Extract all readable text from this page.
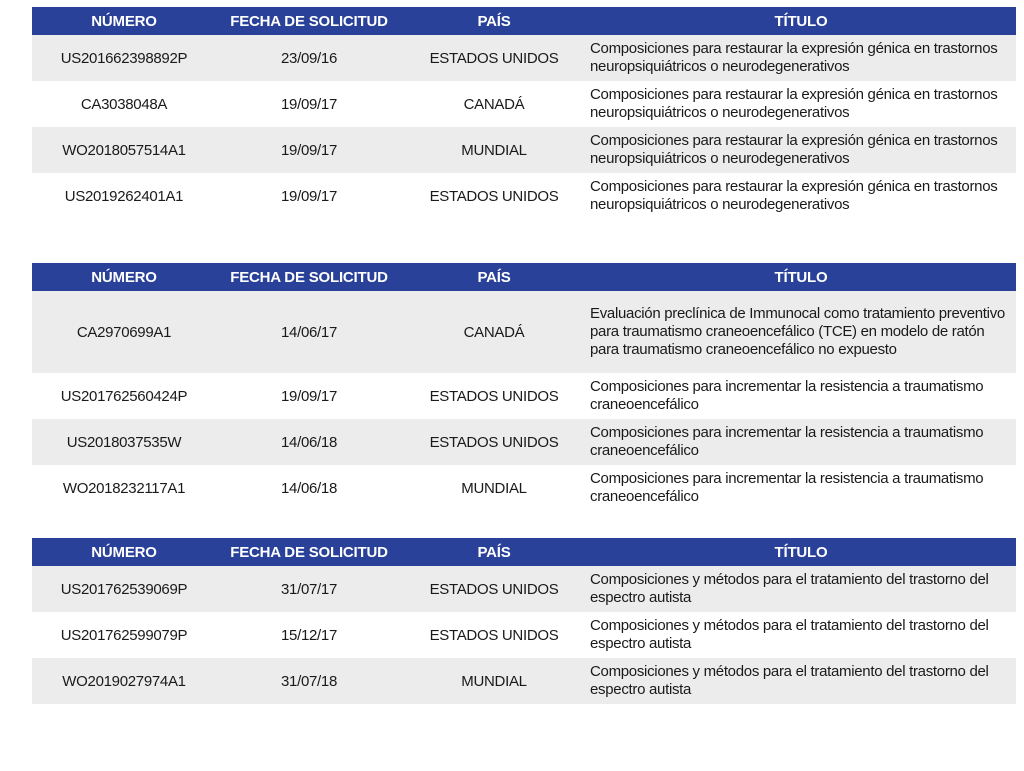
NÚMERO	FECHA DE SOLICITUD	PAÍS	TÍTULO
US201662398892P	23/09/16	ESTADOS UNIDOS	Composiciones para restaurar la expresión génica en trastornos neuropsiquiátricos o neurodegenerativos
CA3038048A	19/09/17	CANADÁ	Composiciones para restaurar la expresión génica en trastornos neuropsiquiátricos o neurodegenerativos
WO2018057514A1	19/09/17	MUNDIAL	Composiciones para restaurar la expresión génica en trastornos neuropsiquiátricos o neurodegenerativos
US2019262401A1	19/09/17	ESTADOS UNIDOS	Composiciones para restaurar la expresión génica en trastornos neuropsiquiátricos o neurodegenerativos
NÚMERO	FECHA DE SOLICITUD	PAÍS	TÍTULO
CA2970699A1	14/06/17	CANADÁ	Evaluación preclínica de Immunocal como tratamiento preventivo para traumatismo craneoencefálico (TCE) en modelo de ratón para traumatismo craneoencefálico no expuesto
US201762560424P	19/09/17	ESTADOS UNIDOS	Composiciones para incrementar la resistencia a traumatismo craneoencefálico
US2018037535W	14/06/18	ESTADOS UNIDOS	Composiciones para incrementar la resistencia a traumatismo craneoencefálico
WO2018232117A1	14/06/18	MUNDIAL	Composiciones para incrementar la resistencia a traumatismo craneoencefálico
NÚMERO	FECHA DE SOLICITUD	PAÍS	TÍTULO
US201762539069P	31/07/17	ESTADOS UNIDOS	Composiciones y métodos para el tratamiento del trastorno del espectro autista
US201762599079P	15/12/17	ESTADOS UNIDOS	Composiciones y métodos para el tratamiento del trastorno del espectro autista
WO2019027974A1	31/07/18	MUNDIAL	Composiciones y métodos para el tratamiento del trastorno del espectro autista
